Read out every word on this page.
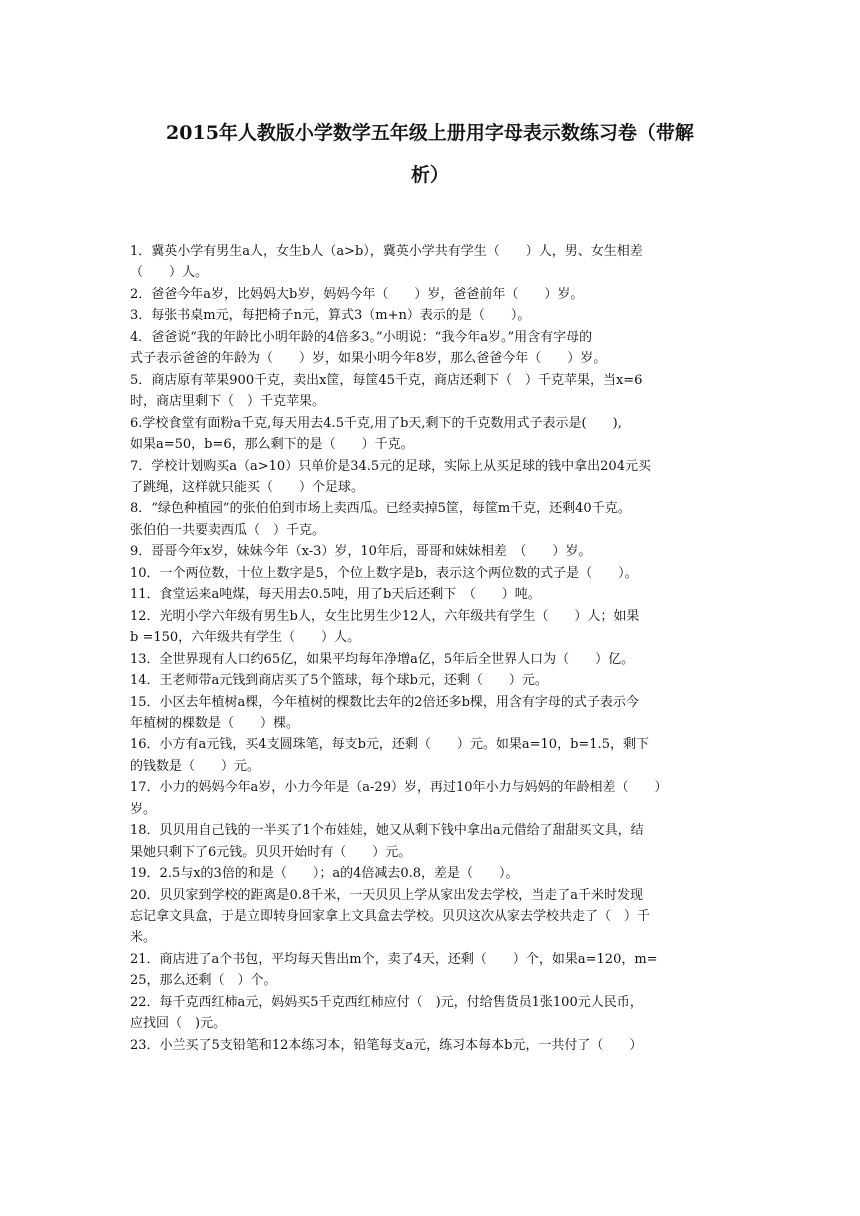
2015年人教版小学数学五年级上册用字母表示数练习卷（带解
析）
1．冀英小学有男生a人，女生b人（a>b），冀英小学共有学生（　　）人，男、女生相差
（　　）人。
2．爸爸今年a岁，比妈妈大b岁，妈妈今年（　　）岁，爸爸前年（　　）岁。
3．每张书桌m元，每把椅子n元，算式3（m+n）表示的是（　　）。
4．爸爸说“我的年龄比小明年龄的4倍多3。”小明说：“我今年a岁。”用含有字母的
式子表示爸爸的年龄为（　　）岁，如果小明今年8岁，那么爸爸今年（　　）岁。
5．商店原有苹果900千克，卖出x筐，每筐45千克，商店还剩下（　）千克苹果，当x=6
时，商店里剩下（　）千克苹果。
6.学校食堂有面粉a千克,每天用去4.5千克,用了b天,剩下的千克数用式子表示是(　　),
如果a=50，b=6，那么剩下的是（　　）千克。
7．学校计划购买a（a>10）只单价是34.5元的足球，实际上从买足球的钱中拿出204元买
了跳绳，这样就只能买（　　）个足球。
8．“绿色种植园”的张伯伯到市场上卖西瓜。已经卖掉5筐，每筐m千克，还剩40千克。
张伯伯一共要卖西瓜（　）千克。
9．哥哥今年x岁，妹妹今年（x-3）岁，10年后，哥哥和妹妹相差　（　　）岁。
10．一个两位数，十位上数字是5，个位上数字是b，表示这个两位数的式子是（　　）。
11．食堂运来a吨煤，每天用去0.5吨，用了b天后还剩下　（　　）吨。
12．光明小学六年级有男生b人，女生比男生少12人，六年级共有学生（　　）人；如果
b =150，六年级共有学生（　　）人。
13．全世界现有人口约65亿，如果平均每年净增a亿，5年后全世界人口为（　　）亿。
14．王老师带a元钱到商店买了5个篮球，每个球b元，还剩（　　）元。
15．小区去年植树a棵，今年植树的棵数比去年的2倍还多b棵，用含有字母的式子表示今
年植树的棵数是（　　）棵。
16．小方有a元钱，买4支圆珠笔，每支b元，还剩（　　）元。如果a=10，b=1.5，剩下
的钱数是（　　）元。
17．小力的妈妈今年a岁，小力今年是（a-29）岁，再过10年小力与妈妈的年龄相差（　　）
岁。
18．贝贝用自己钱的一半买了1个布娃娃，她又从剩下钱中拿出a元借给了甜甜买文具，结
果她只剩下了6元钱。贝贝开始时有（　　）元。
19．2.5与x的3倍的和是（　　）；a的4倍减去0.8，差是（　　）。
20．贝贝家到学校的距离是0.8千米，一天贝贝上学从家出发去学校，当走了a千米时发现
忘记拿文具盒，于是立即转身回家拿上文具盒去学校。贝贝这次从家去学校共走了（　）千
米。
21．商店进了a个书包，平均每天售出m个，卖了4天，还剩（　　）个，如果a=120，m=
25，那么还剩（　）个。
22．每千克西红柿a元，妈妈买5千克西红柿应付（　)元，付给售货员1张100元人民币，
应找回（　)元。
23．小兰买了5支铅笔和12本练习本，铅笔每支a元，练习本每本b元，一共付了（　　）
